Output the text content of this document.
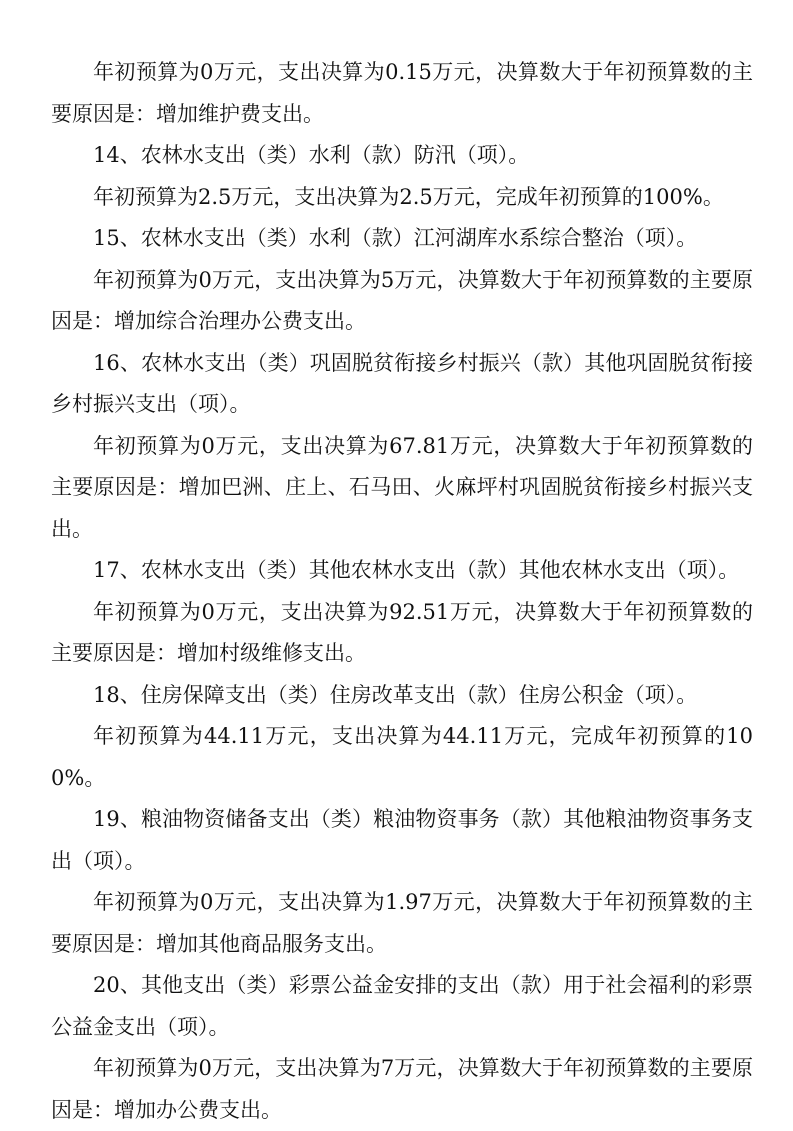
年初预算为0万元，支出决算为0.15万元，决算数大于年初预算数的主要原因是：增加维护费支出。

14、农林水支出（类）水利（款）防汛（项）。

年初预算为2.5万元，支出决算为2.5万元，完成年初预算的100%。

15、农林水支出（类）水利（款）江河湖库水系综合整治（项）。

年初预算为0万元，支出决算为5万元，决算数大于年初预算数的主要原因是：增加综合治理办公费支出。

16、农林水支出（类）巩固脱贫衔接乡村振兴（款）其他巩固脱贫衔接乡村振兴支出（项）。

年初预算为0万元，支出决算为67.81万元，决算数大于年初预算数的主要原因是：增加巴洲、庄上、石马田、火麻坪村巩固脱贫衔接乡村振兴支出。

17、农林水支出（类）其他农林水支出（款）其他农林水支出（项）。

年初预算为0万元，支出决算为92.51万元，决算数大于年初预算数的主要原因是：增加村级维修支出。

18、住房保障支出（类）住房改革支出（款）住房公积金（项）。

年初预算为44.11万元，支出决算为44.11万元，完成年初预算的100%。

19、粮油物资储备支出（类）粮油物资事务（款）其他粮油物资事务支出（项）。

年初预算为0万元，支出决算为1.97万元，决算数大于年初预算数的主要原因是：增加其他商品服务支出。

20、其他支出（类）彩票公益金安排的支出（款）用于社会福利的彩票公益金支出（项）。

年初预算为0万元，支出决算为7万元，决算数大于年初预算数的主要原因是：增加办公费支出。
